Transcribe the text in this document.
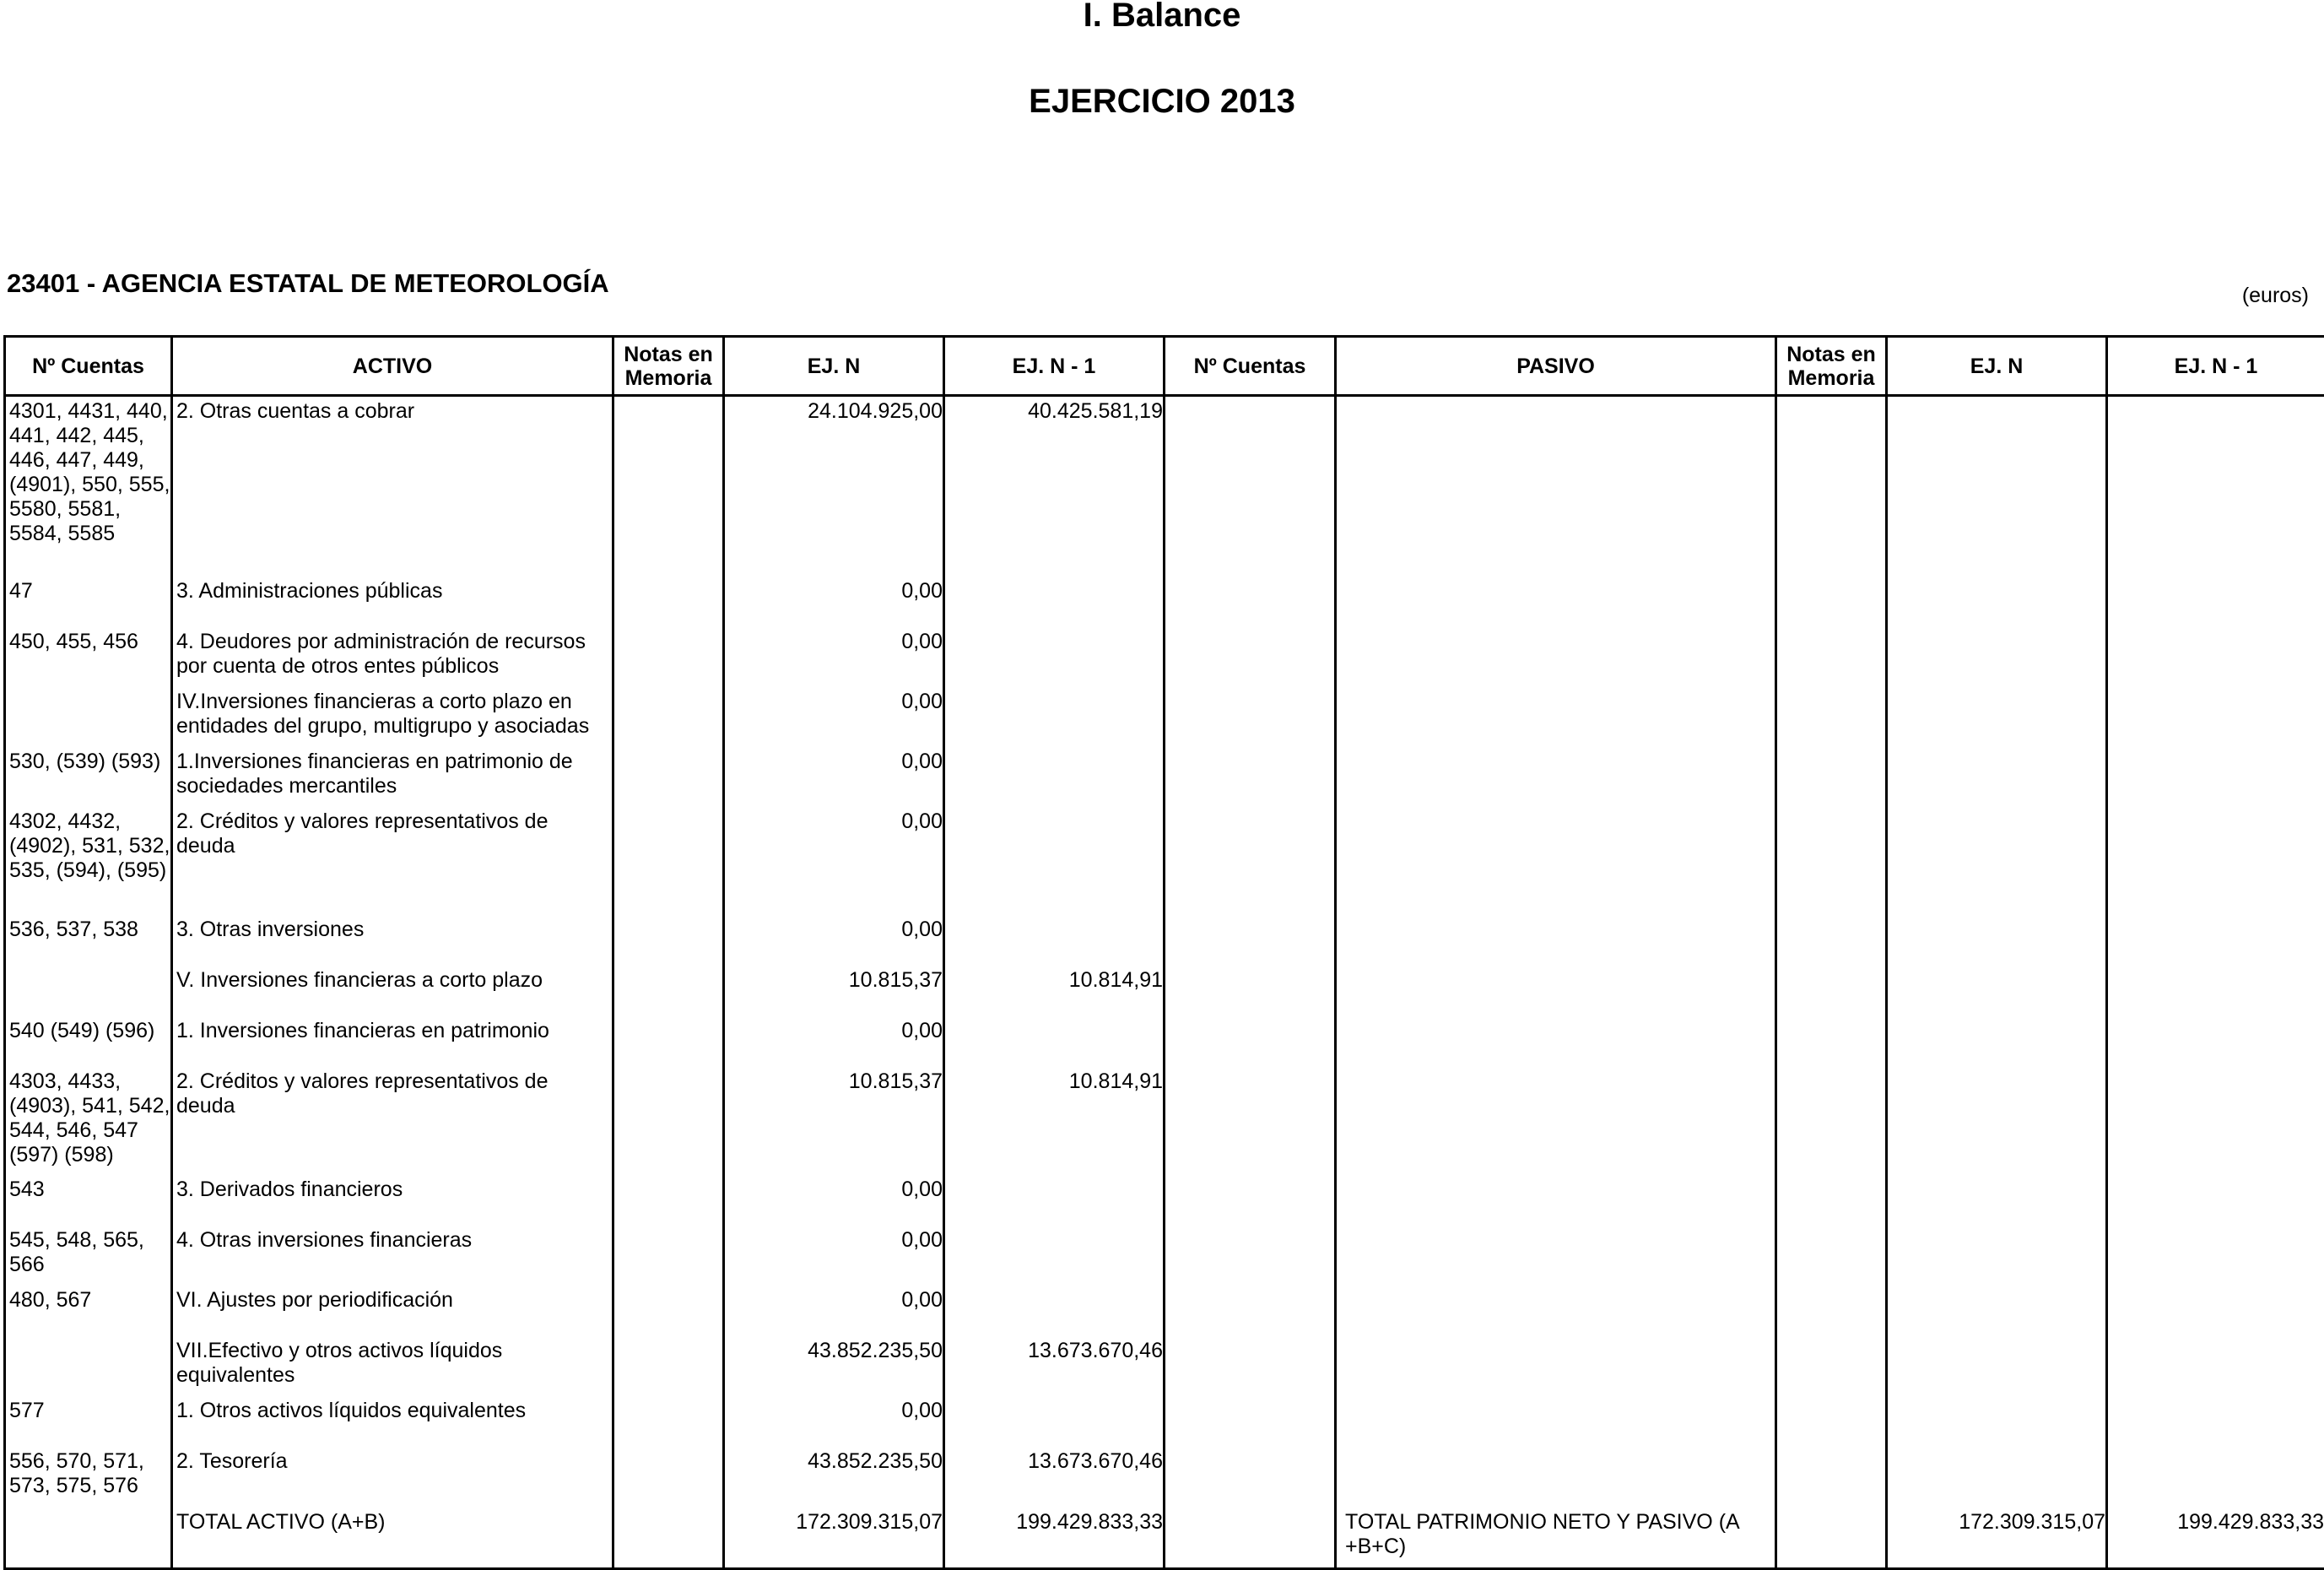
I. Balance
EJERCICIO 2013
23401 - AGENCIA ESTATAL DE METEOROLOGÍA	(euros)
Nº Cuentas	ACTIVO	Notas en Memoria	EJ. N	EJ. N - 1	Nº Cuentas	PASIVO	Notas en Memoria	EJ. N	EJ. N - 1
4301, 4431, 440, 441, 442, 445, 446, 447, 449, (4901), 550, 555, 5580, 5581, 5584, 5585	2. Otras cuentas a cobrar		24.104.925,00	40.425.581,19					
47	3. Administraciones públicas		0,00						
450, 455, 456	4. Deudores por administración de recursos por cuenta de otros entes públicos		0,00						
	IV.Inversiones financieras a corto plazo en entidades del grupo, multigrupo y asociadas		0,00						
530, (539) (593)	1.Inversiones financieras en patrimonio de sociedades mercantiles		0,00						
4302, 4432, (4902), 531, 532, 535, (594), (595)	2. Créditos y valores representativos de deuda		0,00						
536, 537, 538	3. Otras inversiones		0,00						
	V. Inversiones financieras a corto plazo		10.815,37	10.814,91					
540 (549) (596)	1. Inversiones financieras en patrimonio		0,00						
4303, 4433, (4903), 541, 542, 544, 546, 547 (597) (598)	2. Créditos y valores representativos de deuda		10.815,37	10.814,91					
543	3. Derivados financieros		0,00						
545, 548, 565, 566	4. Otras inversiones financieras		0,00						
480, 567	VI. Ajustes por periodificación		0,00						
	VII.Efectivo y otros activos líquidos equivalentes		43.852.235,50	13.673.670,46					
577	1. Otros activos líquidos equivalentes		0,00						
556, 570, 571, 573, 575, 576	2. Tesorería		43.852.235,50	13.673.670,46					
	TOTAL ACTIVO (A+B)		172.309.315,07	199.429.833,33		TOTAL PATRIMONIO NETO Y PASIVO (A +B+C)		172.309.315,07	199.429.833,33
